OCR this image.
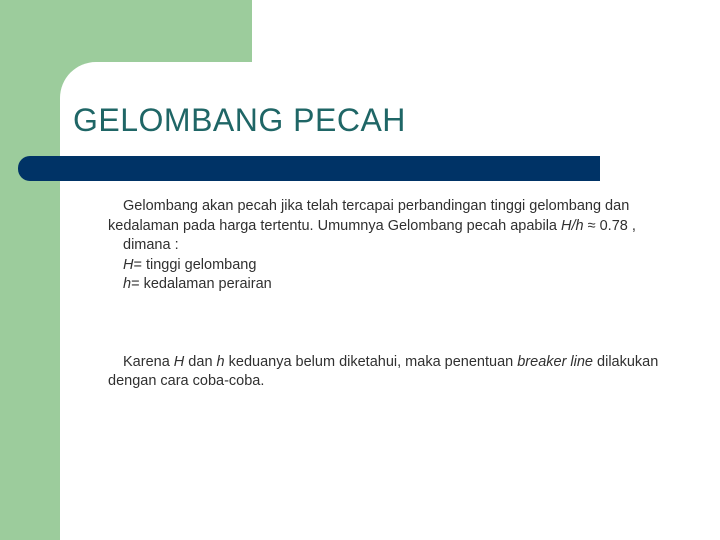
GELOMBANG PECAH

Gelombang akan pecah jika telah tercapai perbandingan tinggi gelombang dan kedalaman pada harga tertentu. Umumnya Gelombang pecah apabila H/h ≈ 0.78 ,

dimana :

H= tinggi gelombang

h= kedalaman perairan

Karena H dan h keduanya belum diketahui, maka penentuan breaker line dilakukan dengan cara coba-coba.
